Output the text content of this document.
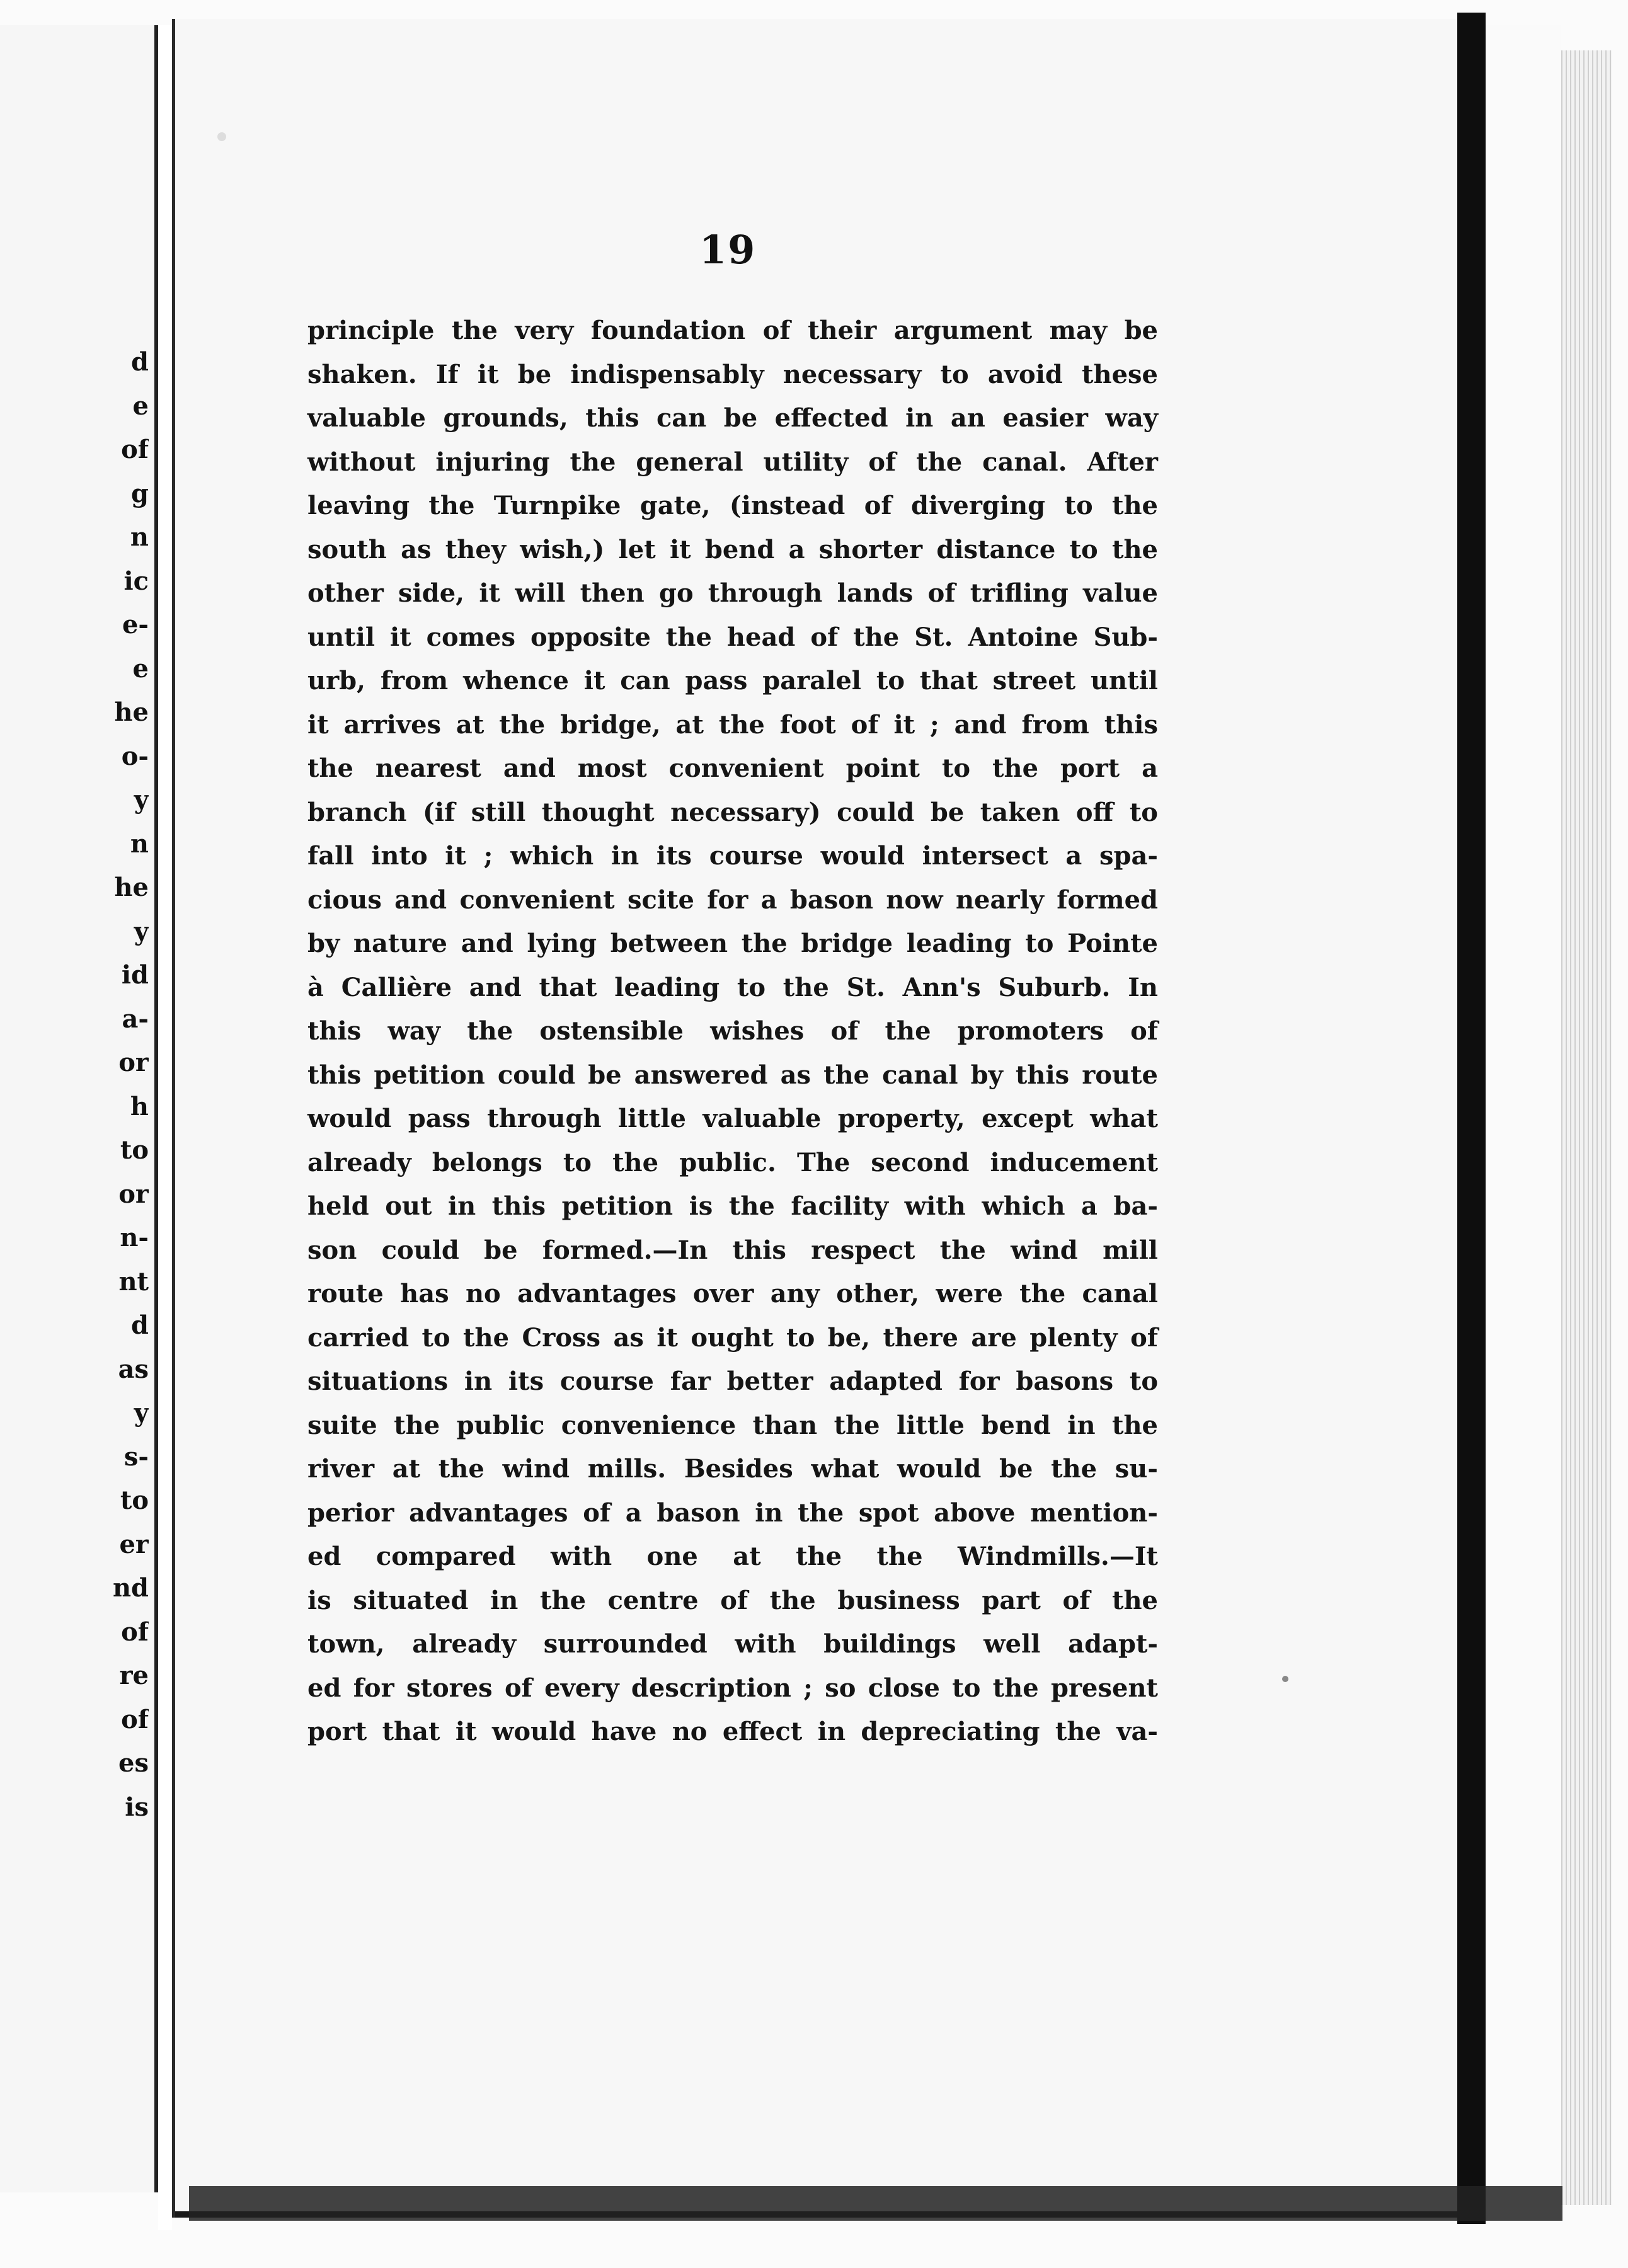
d
e
of
g
n
ic
e-
e
he
o-
y
n
he
y
id
a-
or
h
to
or
n-
nt
d
as
y
s-
to
er
nd
of
re
of
es
is
19
principle the very foundation of their argument may be
shaken. If it be indispensably necessary to avoid these
valuable grounds, this can be effected in an easier way
without injuring the general utility of the canal. After
leaving the Turnpike gate, (instead of diverging to the
south as they wish,) let it bend a shorter distance to the
other side, it will then go through lands of trifling value
until it comes opposite the head of the St. Antoine Sub-
urb, from whence it can pass paralel to that street until
it arrives at the bridge, at the foot of it ; and from this
the nearest and most convenient point to the port a
branch (if still thought necessary) could be taken off to
fall into it ; which in its course would intersect a spa-
cious and convenient scite for a bason now nearly formed
by nature and lying between the bridge leading to Pointe
à Callière and that leading to the St. Ann's Suburb. In
this way the ostensible wishes of the promoters of
this petition could be answered as the canal by this route
would pass through little valuable property, except what
already belongs to the public. The second inducement
held out in this petition is the facility with which a ba-
son could be formed.—In this respect the wind mill
route has no advantages over any other, were the canal
carried to the Cross as it ought to be, there are plenty of
situations in its course far better adapted for basons to
suite the public convenience than the little bend in the
river at the wind mills. Besides what would be the su-
perior advantages of a bason in the spot above mention-
ed compared with one at the the Windmills.—It
is situated in the centre of the business part of the
town, already surrounded with buildings well adapt-
ed for stores of every description ; so close to the present
port that it would have no effect in depreciating the va-
